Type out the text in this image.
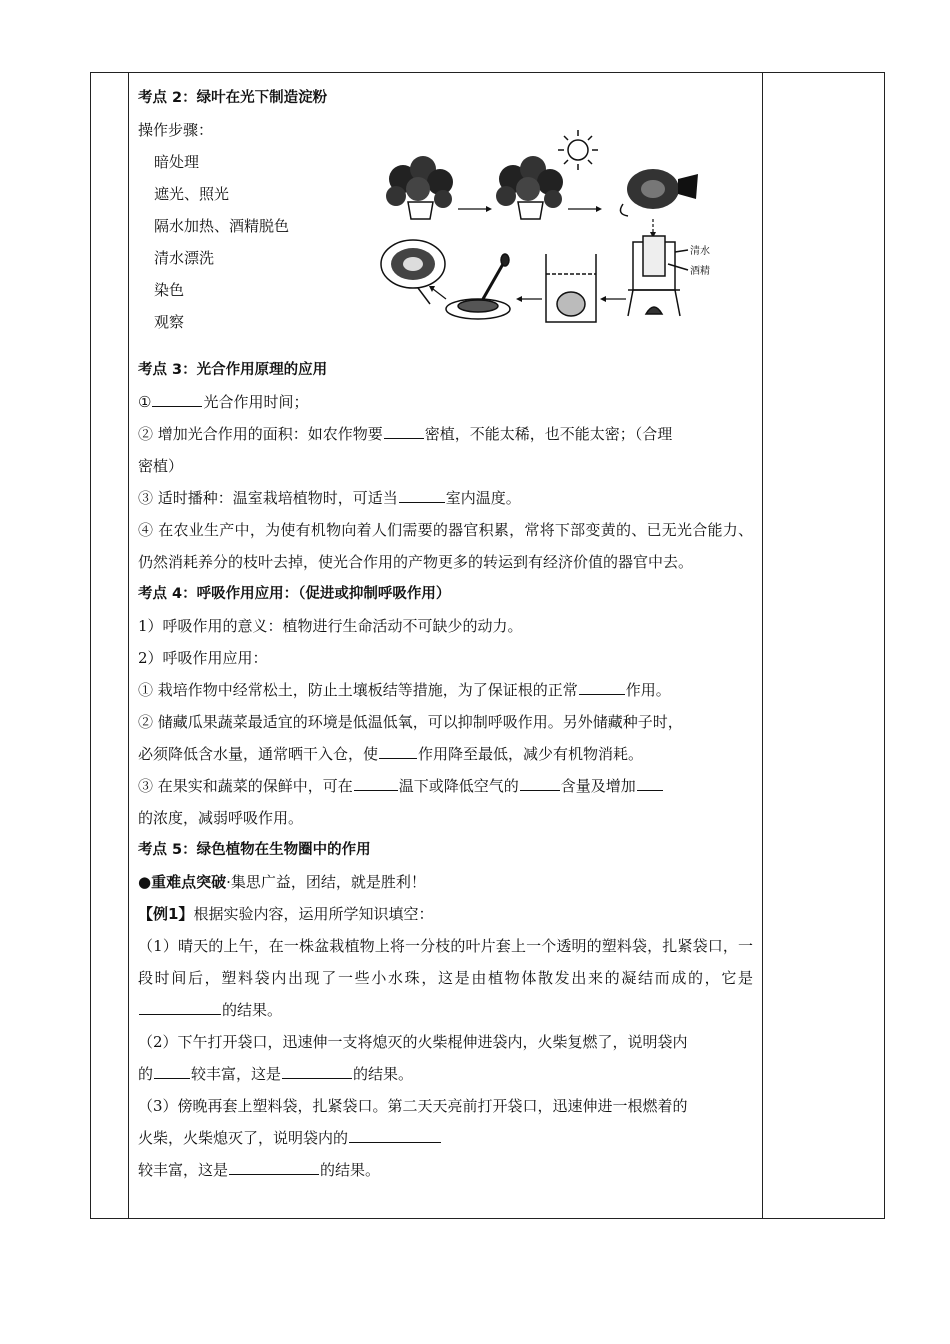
考点 2：绿叶在光下制造淀粉
操作步骤：
暗处理
遮光、照光
隔水加热、酒精脱色
清水漂洗
染色
观察
清水
酒精
考点 3：光合作用原理的应用
①	光合作用时间；
② 增加光合作用的面积：如农作物要	密植，不能太稀，也不能太密；（合理
密植）
③ 适时播种：温室栽培植物时，可适当	室内温度。
④ 在农业生产中，为使有机物向着人们需要的器官积累，常将下部变黄的、已无光合能力、仍然消耗养分的枝叶去掉，使光合作用的产物更多的转运到有经济价值的器官中去。
考点 4：呼吸作用应用：（促进或抑制呼吸作用）
1）呼吸作用的意义：植物进行生命活动不可缺少的动力。
2）呼吸作用应用：
① 栽培作物中经常松土，防止土壤板结等措施，为了保证根的正常	作用。
② 储藏瓜果蔬菜最适宜的环境是低温低氧，可以抑制呼吸作用。另外储藏种子时，
必须降低含水量，通常晒干入仓，使	作用降至最低，减少有机物消耗。
③ 在果实和蔬菜的保鲜中，可在	温下或降低空气的	含量及增加
的浓度，减弱呼吸作用。
考点 5：绿色植物在生物圈中的作用
●重难点突破·集思广益，团结，就是胜利！
【例1】根据实验内容，运用所学知识填空：
（1）晴天的上午，在一株盆栽植物上将一分枝的叶片套上一个透明的塑料袋，扎紧袋口，一段时间后，塑料袋内出现了一些小水珠，这是由植物体散发出来的凝结而成的，它是的结果。
（2）下午打开袋口，迅速伸一支将熄灭的火柴棍伸进袋内，火柴复燃了，说明袋内
的	较丰富，这是	的结果。
（3）傍晚再套上塑料袋，扎紧袋口。第二天天亮前打开袋口，迅速伸进一根燃着的
火柴，火柴熄灭了，说明袋内的
较丰富，这是	的结果。
